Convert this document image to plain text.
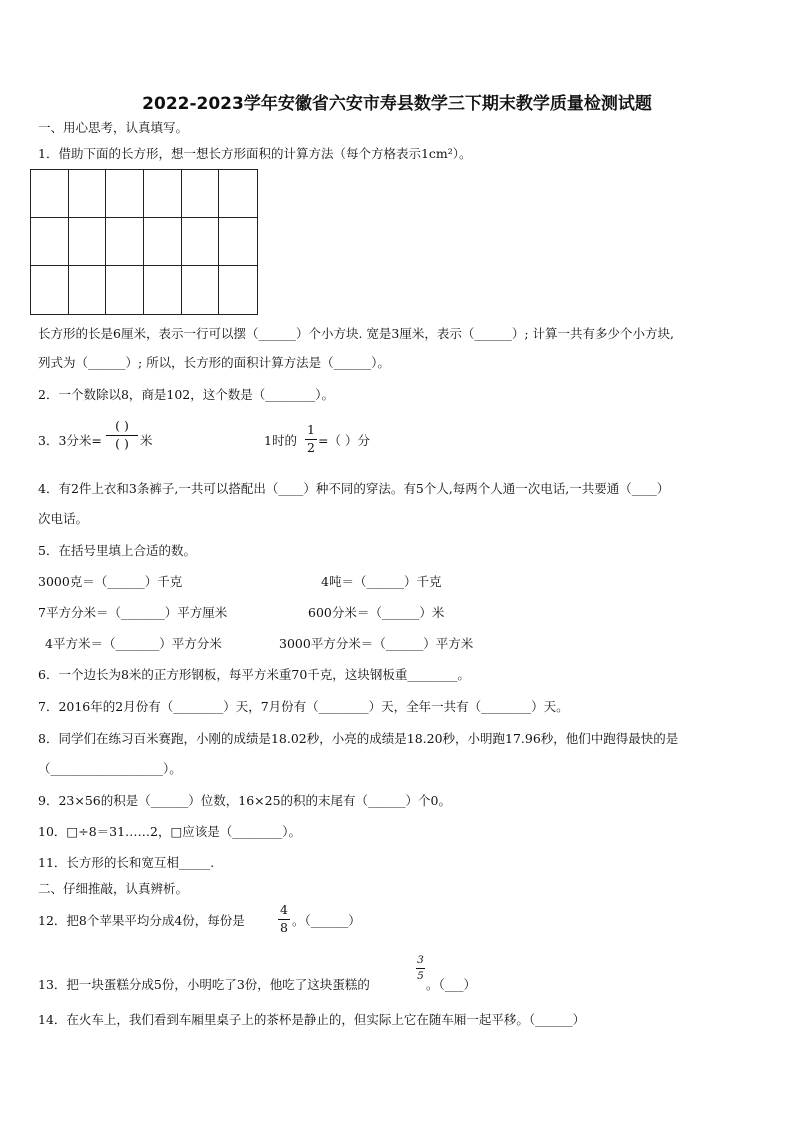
2022-2023学年安徽省六安市寿县数学三下期末教学质量检测试题
一、用心思考，认真填写。
1．借助下面的长方形，想一想长方形面积的计算方法（每个方格表示1cm²）。
长方形的长是6厘米，表示一行可以摆（______）个小方块. 宽是3厘米，表示（______）; 计算一共有多少个小方块,
列式为（______）; 所以，长方形的面积计算方法是（______）。
2．一个数除以8，商是102，这个数是（________）。
3．3分米=
( )
( ) 米	1时的
1
2 =（ ）分
4．有2件上衣和3条裤子,一共可以搭配出（____）种不同的穿法。有5个人,每两个人通一次电话,一共要通（____）
次电话。
5．在括号里填上合适的数。
3000克＝（______）千克	4吨＝（______）千克
7平方分米＝（_______）平方厘米	600分米＝（______）米
4平方米＝（_______）平方分米	3000平方分米＝（______）平方米
6．一个边长为8米的正方形钢板，每平方米重70千克，这块钢板重________。
7．2016年的2月份有（________）天，7月份有（________）天，全年一共有（________）天。
8．同学们在练习百米赛跑，小刚的成绩是18.02秒，小亮的成绩是18.20秒，小明跑17.96秒，他们中跑得最快的是
（__________________）。
9．23×56的积是（______）位数，16×25的积的末尾有（______）个0。
10．□÷8＝31……2，□应该是（________）。
11．长方形的长和宽互相_____.
二、仔细推敲，认真辨析。
12．把8个苹果平均分成4份，每份是
4
8 。（______）
13．把一块蛋糕分成5份，小明吃了3份，他吃了这块蛋糕的
3
5
。（___）
14．在火车上，我们看到车厢里桌子上的茶杯是静止的，但实际上它在随车厢一起平移。（______）
